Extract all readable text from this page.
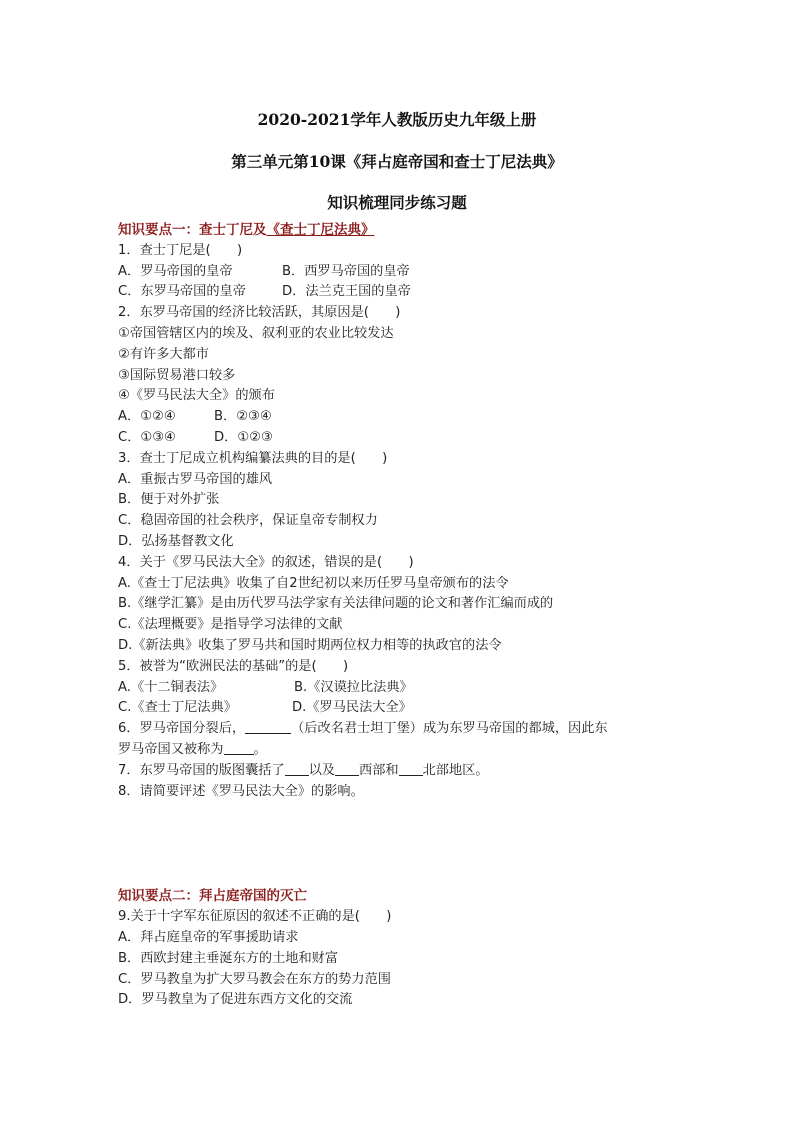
2020-2021学年人教版历史九年级上册
第三单元第10课《拜占庭帝国和查士丁尼法典》
知识梳理同步练习题
知识要点一：查士丁尼及《查士丁尼法典》
1．查士丁尼是(　　)
A．罗马帝国的皇帝	B．西罗马帝国的皇帝
C．东罗马帝国的皇帝	D．法兰克王国的皇帝
2．东罗马帝国的经济比较活跃，其原因是(　　)
①帝国管辖区内的埃及、叙利亚的农业比较发达
②有许多大都市
③国际贸易港口较多
④《罗马民法大全》的颁布
A．①②④	B．②③④
C．①③④	D．①②③
3．查士丁尼成立机构编纂法典的目的是(　　)
A．重振古罗马帝国的雄风
B．便于对外扩张
C．稳固帝国的社会秩序，保证皇帝专制权力
D．弘扬基督教文化
4．关于《罗马民法大全》的叙述，错误的是(　　)
A.《查士丁尼法典》收集了自2世纪初以来历任罗马皇帝颁布的法令
B.《继学汇纂》是由历代罗马法学家有关法律问题的论文和著作汇编而成的
C.《法理概要》是指导学习法律的文献
D.《新法典》收集了罗马共和国时期两位权力相等的执政官的法令
5．被誉为“欧洲民法的基础”的是(　　)
A.《十二铜表法》	B.《汉谟拉比法典》
C.《查士丁尼法典》	D.《罗马民法大全》
6．罗马帝国分裂后，	（后改名君士坦丁堡）成为东罗马帝国的都城，因此东
罗马帝国又被称为 。
7．东罗马帝国的版图囊括了 以及 西部和 北部地区。
8．请简要评述《罗马民法大全》的影响。
知识要点二：拜占庭帝国的灭亡
9.关于十字军东征原因的叙述不正确的是(　　)
A．拜占庭皇帝的军事援助请求
B．西欧封建主垂涎东方的土地和财富
C．罗马教皇为扩大罗马教会在东方的势力范围
D．罗马教皇为了促进东西方文化的交流
